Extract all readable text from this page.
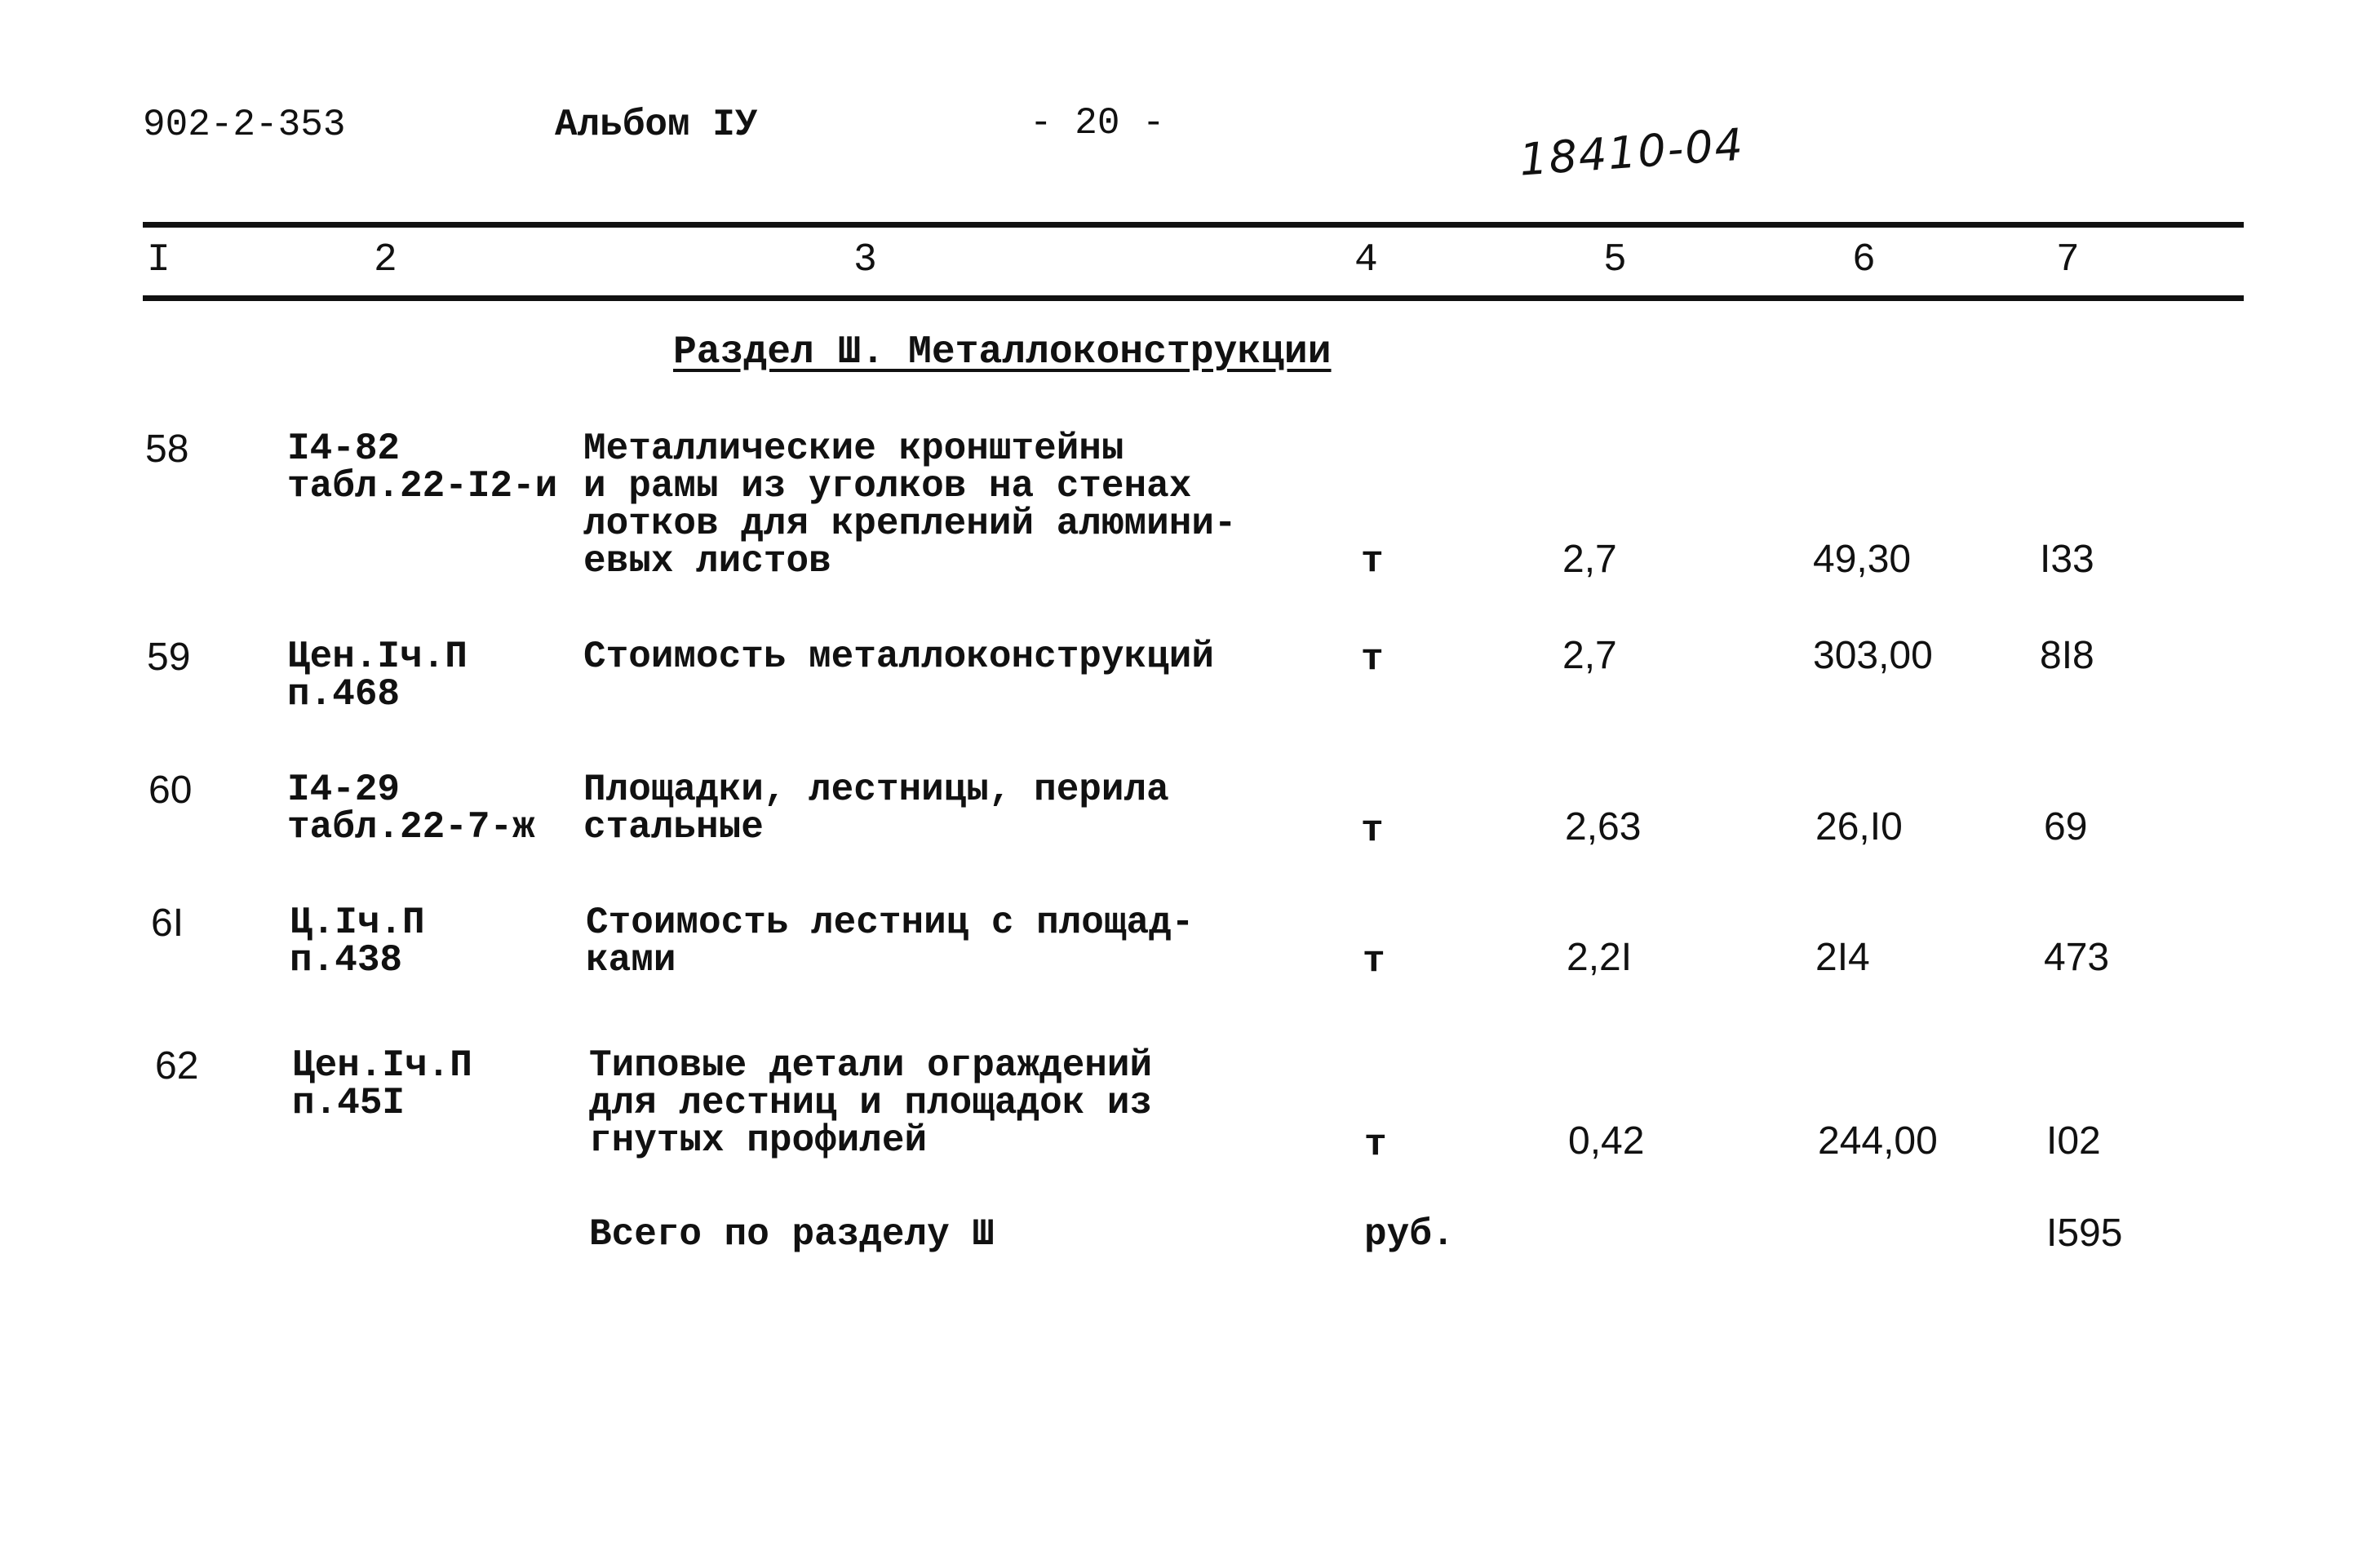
902-2-353	Альбом IУ	- 20 -	18410-04
I	2	3	4	5	6	7
Раздел Ш. Металлоконструкции
58	I4-82
табл.22-I2-и
Металлические кронштейны
и рамы из уголков на стенах
лотков для креплений алюмини-
евых листов	т	2,7	49,30	I33
59	Цен.Iч.П
п.468
Стоимость металлоконструкций	т	2,7	303,00	8I8
60	I4-29
табл.22-7-ж
Площадки, лестницы, перила
стальные	т	2,63	26,I0	69
6I	Ц.Iч.П
п.438
Стоимость лестниц с площад-
ками	т	2,2I	2I4	473
62 Цен.Iч.П
п.45I
Типовые детали ограждений
для лестниц и площадок из
гнутых профилей	т	0,42	244,00	I02
Всего по разделу Ш	руб.	I595
